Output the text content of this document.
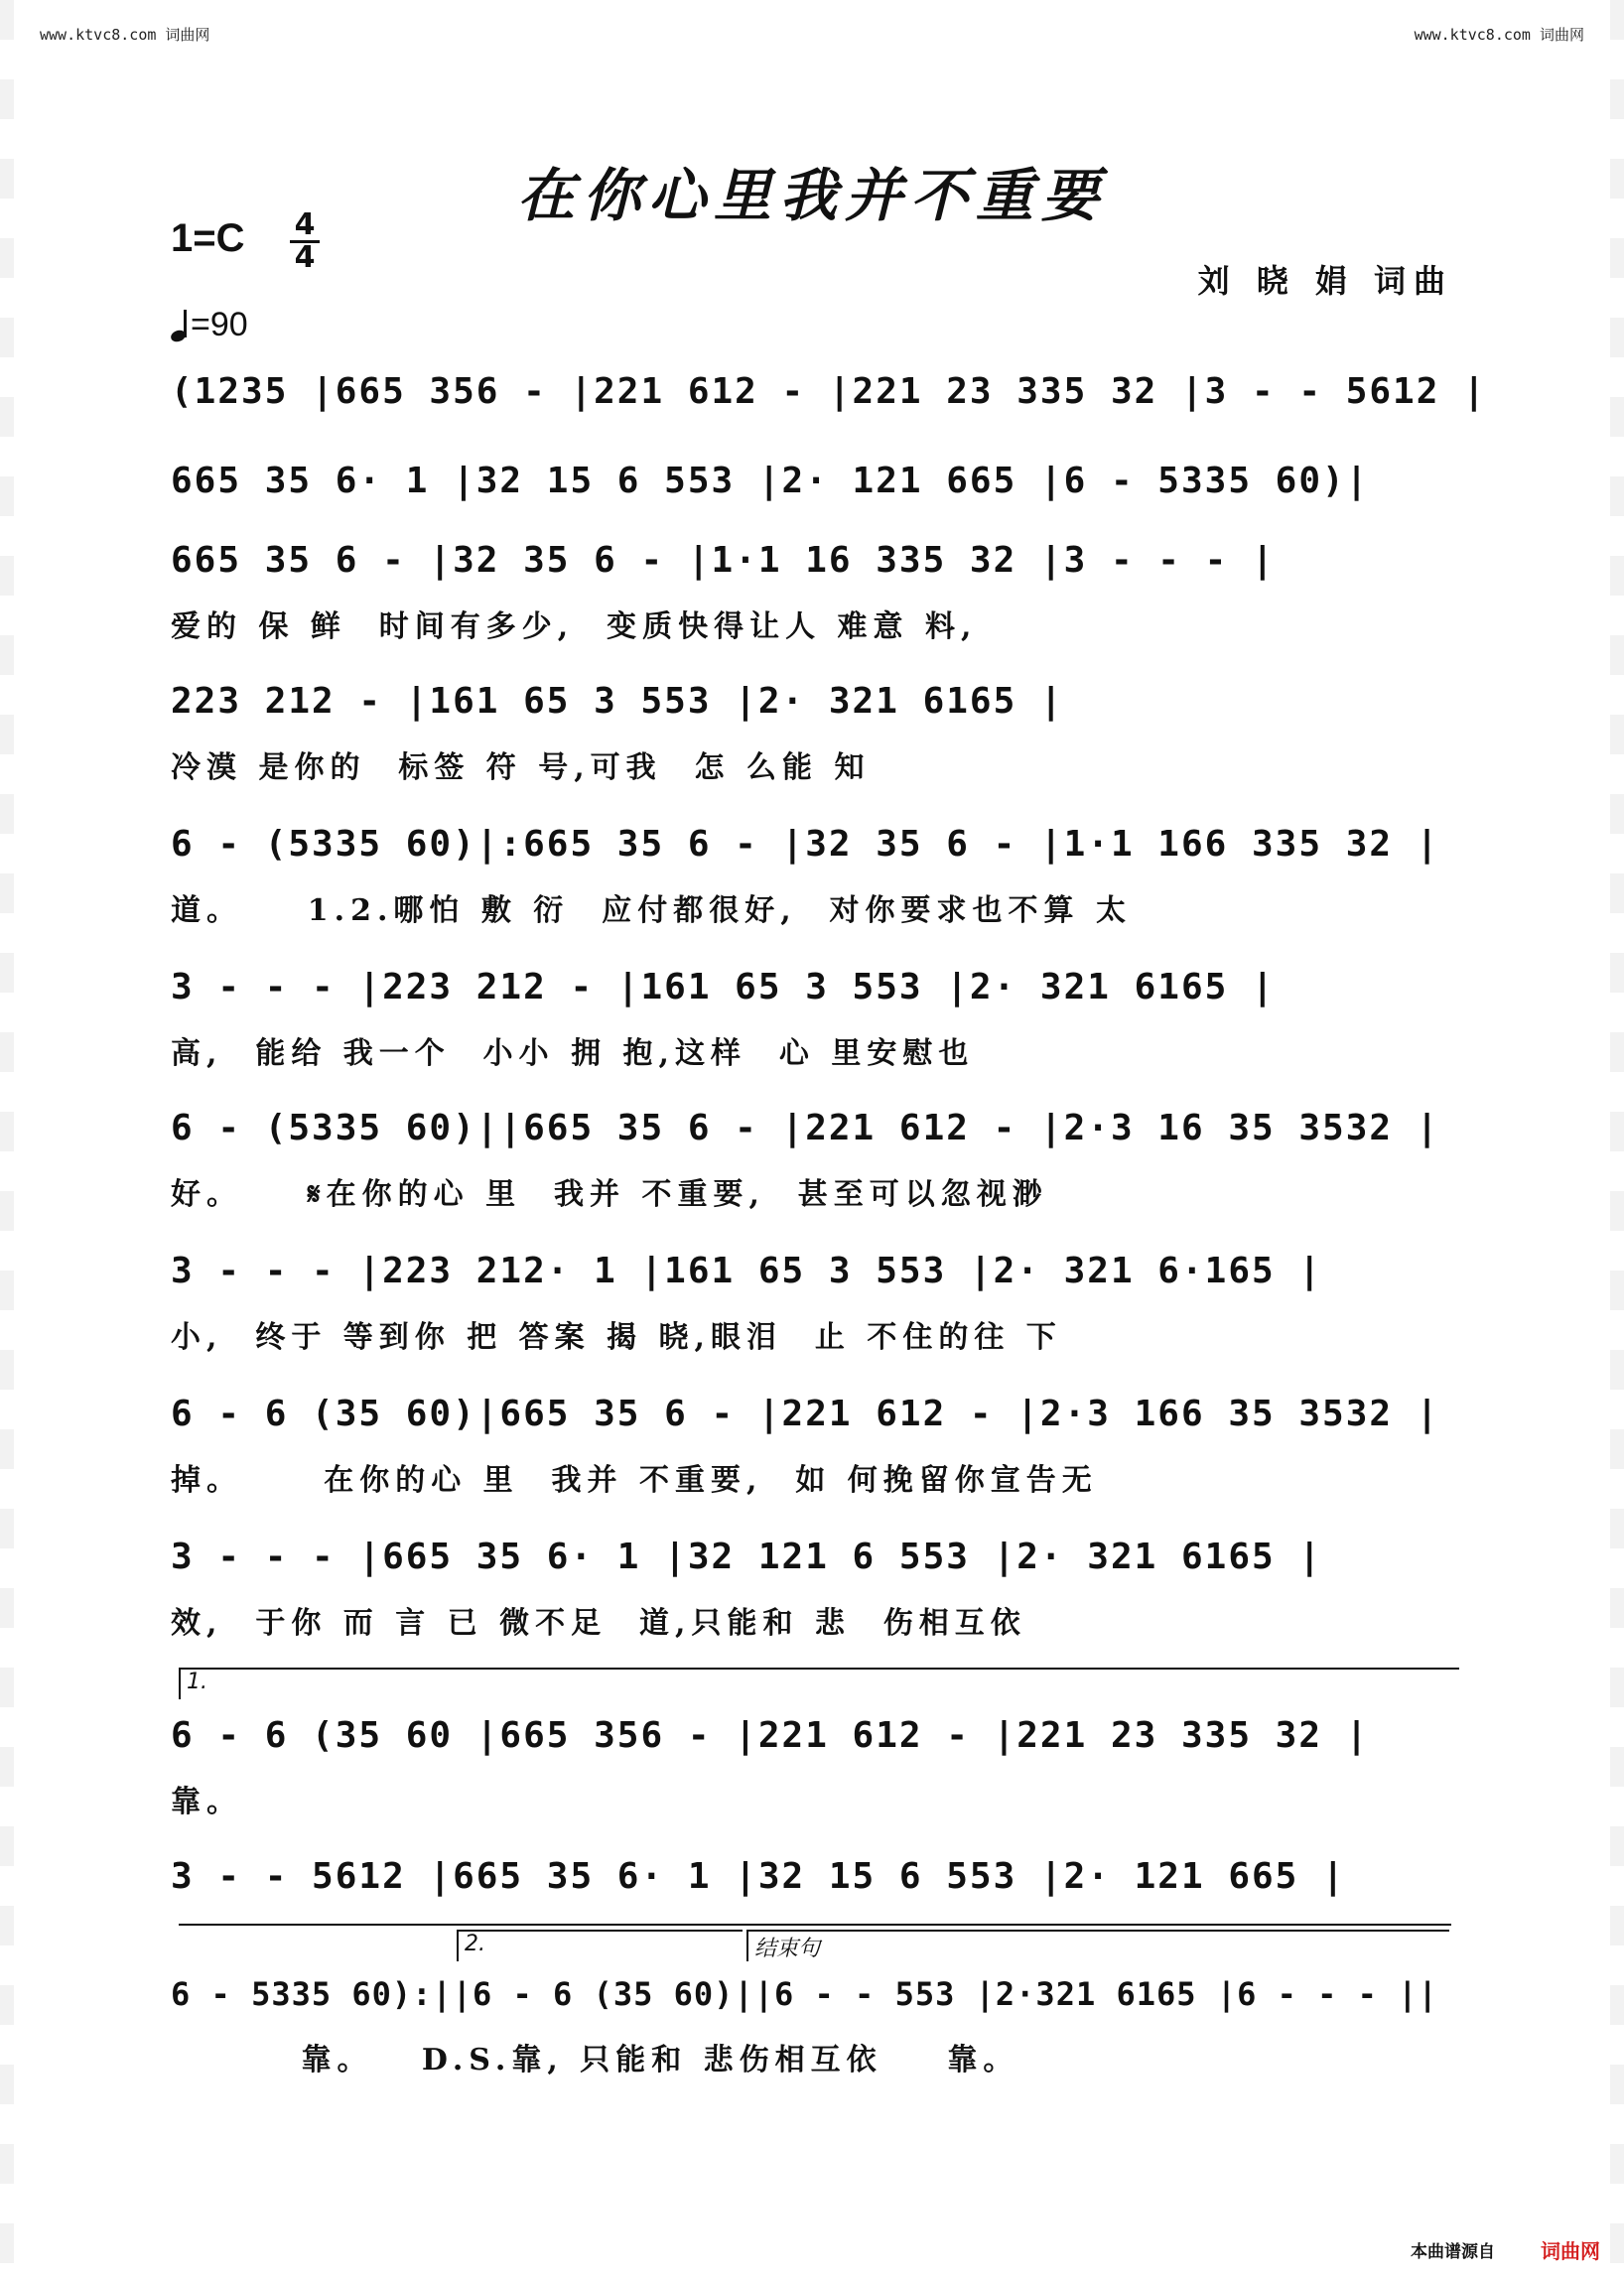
www.ktvc8.com 词曲网	www.ktvc8.com 词曲网
在你心里我并不重要
1=C 4
4
刘 晓 娟 词曲
=90
(1235 |665 356 - |221 612 - |221 23 335 32 |3 - - 5612 |
665 35 6· 1 |32 15 6 553 |2· 121 665 |6 - 5335 60)|
665 35 6 - |32 35 6 - |1·1 16 335 32 |3 - - - |
爱的 保 鲜  时间有多少,  变质快得让人 难意 料,
223 212 - |161 65 3 553 |2· 321 6165 |
冷漠 是你的  标签 符 号,可我  怎 么能 知
6 - (5335 60)|:665 35 6 - |32 35 6 - |1·1 166 335 32 |
道。    1.2.哪怕 敷 衍  应付都很好,  对你要求也不算 太
3 - - - |223 212 - |161 65 3 553 |2· 321 6165 |
高,  能给 我一个  小小 拥 抱,这样  心 里安慰也
6 - (5335 60)||665 35 6 - |221 612 - |2·3 16 35 3532 |
好。    𝄋在你的心 里  我并 不重要,  甚至可以忽视渺
3 - - - |223 212· 1 |161 65 3 553 |2· 321 6·165 |
小,  终于 等到你 把 答案 揭 晓,眼泪  止 不住的往 下
6 - 6 (35 60)|665 35 6 - |221 612 - |2·3 166 35 3532 |
掉。     在你的心 里  我并 不重要,  如 何挽留你宣告无
3 - - - |665 35 6· 1 |32 121 6 553 |2· 321 6165 |
效,  于你 而 言 已 微不足  道,只能和 悲  伤相互依
1.
6 - 6 (35 60 |665 356 - |221 612 - |221 23 335 32 |
靠。
3 - - 5612 |665 35 6· 1 |32 15 6 553 |2· 121 665 |
2.	结束句
6 - 5335 60):||6 - 6 (35 60)||6 - - 553 |2·321 6165 |6 - - - ||
靠。   D.S.靠, 只能和 悲伤相互依    靠。
本曲谱源自 词曲网
